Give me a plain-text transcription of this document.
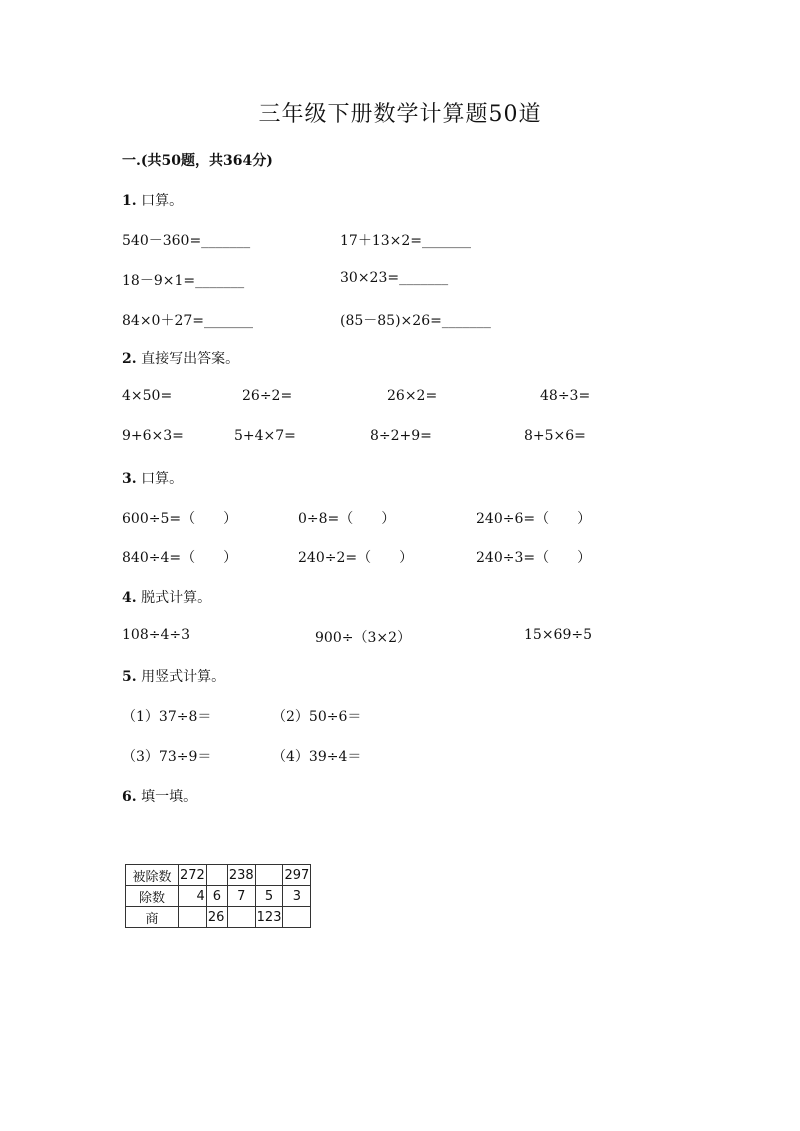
三年级下册数学计算题50道
一.(共50题，共364分)
1. 口算。
540－360=_______	17＋13×2=_______
18－9×1=_______	30×23=_______
84×0＋27=_______	(85－85)×26=_______
2. 直接写出答案。
4×50=	26÷2=	26×2=	48÷3=
9+6×3=	5+4×7=	8÷2+9=	8+5×6=
3. 口算。
600÷5=（　　）	0÷8=（　　）	240÷6=（　　）
840÷4=（　　）	240÷2=（　　）	240÷3=（　　）
4. 脱式计算。
108÷4÷3	900÷（3×2）	15×69÷5
5. 用竖式计算。
（1）37÷8＝	（2）50÷6＝
（3）73÷9＝	（4）39÷4＝
6. 填一填。
被除数	272		238		297
除数	4	6	7	5	3
商		26		123	
